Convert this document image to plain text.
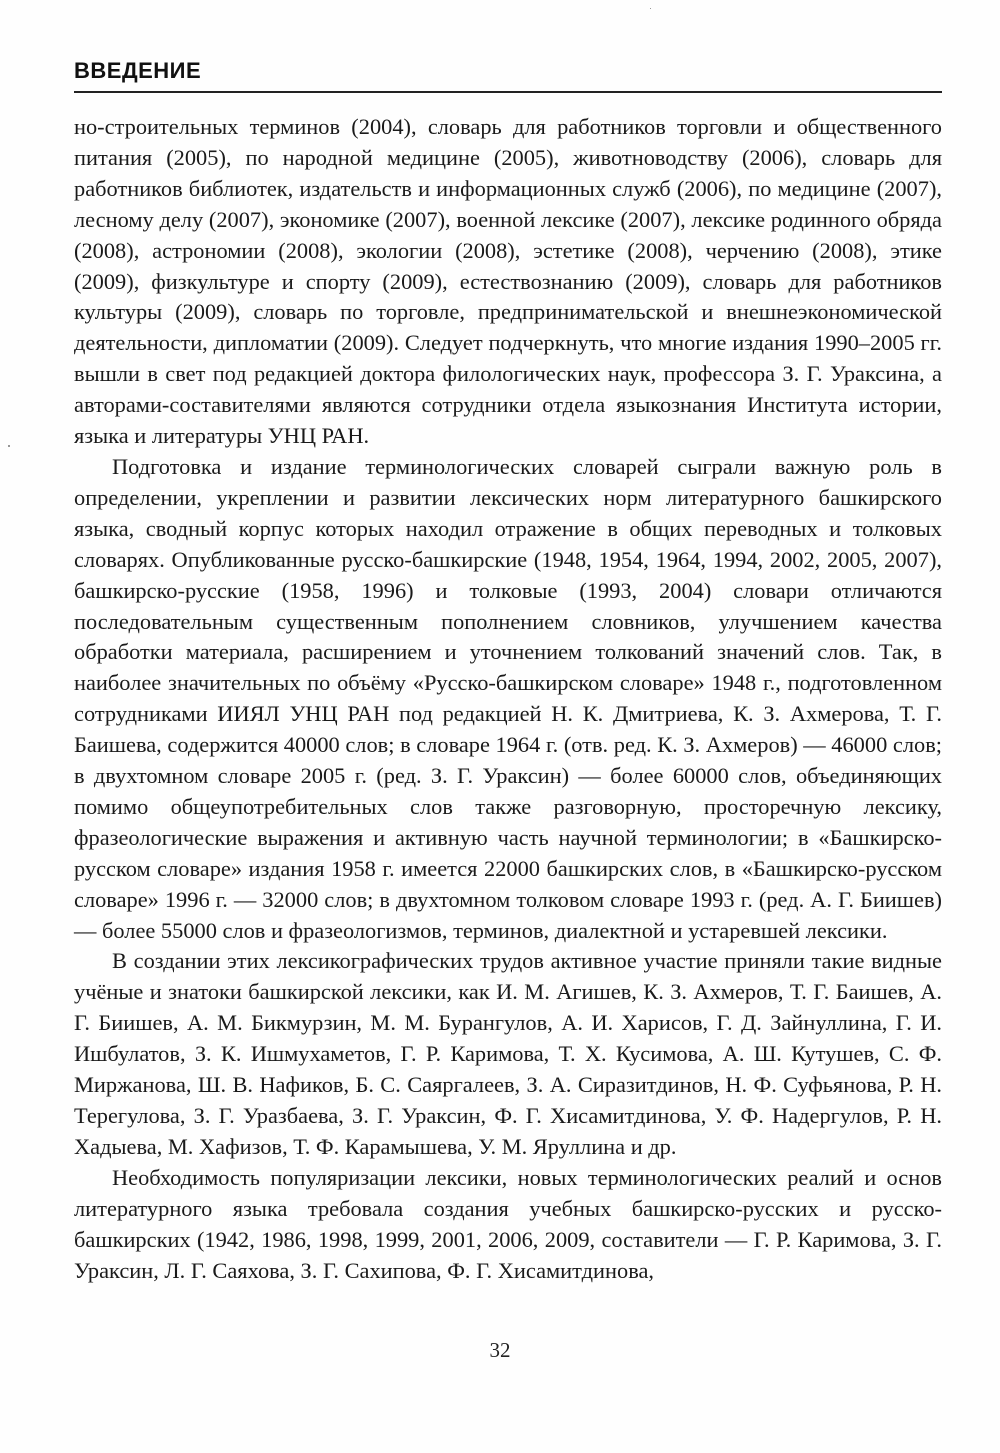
ВВЕДЕНИЕ

но-строительных терминов (2004), словарь для работников торговли и общественного питания (2005), по народной медицине (2005), животноводству (2006), словарь для работников библиотек, издательств и информационных служб (2006), по медицине (2007), лесному делу (2007), экономике (2007), военной лексике (2007), лексике родинного обряда (2008), астрономии (2008), экологии (2008), эстетике (2008), черчению (2008), этике (2009), физкультуре и спорту (2009), естествознанию (2009), словарь для работников культуры (2009), словарь по торговле, предпринимательской и внешнеэкономической деятельности, дипломатии (2009). Следует подчеркнуть, что многие издания 1990–2005 гг. вышли в свет под редакцией доктора филологических наук, профессора З. Г. Ураксина, а авторами-составителями являются сотрудники отдела языкознания Института истории, языка и литературы УНЦ РАН.

Подготовка и издание терминологических словарей сыграли важную роль в определении, укреплении и развитии лексических норм литературного башкирского языка, сводный корпус которых находил отражение в общих переводных и толковых словарях. Опубликованные русско-башкирские (1948, 1954, 1964, 1994, 2002, 2005, 2007), башкирско-русские (1958, 1996) и толковые (1993, 2004) словари отличаются последовательным существенным пополнением словников, улучшением качества обработки материала, расширением и уточнением толкований значений слов. Так, в наиболее значительных по объёму «Русско-башкирском словаре» 1948 г., подготовленном сотрудниками ИИЯЛ УНЦ РАН под редакцией Н. К. Дмитриева, К. З. Ахмерова, Т. Г. Баишева, содержится 40000 слов; в словаре 1964 г. (отв. ред. К. З. Ахмеров) — 46000 слов; в двухтомном словаре 2005 г. (ред. З. Г. Ураксин) — более 60000 слов, объединяющих помимо общеупотребительных слов также разговорную, просторечную лексику, фразеологические выражения и активную часть научной терминологии; в «Башкирско-русском словаре» издания 1958 г. имеется 22000 башкирских слов, в «Башкирско-русском словаре» 1996 г. — 32000 слов; в двухтомном толковом словаре 1993 г. (ред. А. Г. Биишев) — более 55000 слов и фразеологизмов, терминов, диалектной и устаревшей лексики.

В создании этих лексикографических трудов активное участие приняли такие видные учёные и знатоки башкирской лексики, как И. М. Агишев, К. З. Ахмеров, Т. Г. Баишев, А. Г. Биишев, А. М. Бикмурзин, М. М. Бурангулов, А. И. Харисов, Г. Д. Зайнуллина, Г. И. Ишбулатов, З. К. Ишмухаметов, Г. Р. Каримова, Т. Х. Кусимова, А. Ш. Кутушев, С. Ф. Миржанова, Ш. В. Нафиков, Б. С. Саяргалеев, З. А. Сиразитдинов, Н. Ф. Суфьянова, Р. Н. Терегулова, З. Г. Уразбаева, З. Г. Ураксин, Ф. Г. Хисамитдинова, У. Ф. Надергулов, Р. Н. Хадыева, М. Хафизов, Т. Ф. Карамышева, У. М. Яруллина и др.

Необходимость популяризации лексики, новых терминологических реалий и основ литературного языка требовала создания учебных башкирско-русских и русско-башкирских (1942, 1986, 1998, 1999, 2001, 2006, 2009, составители — Г. Р. Каримова, З. Г. Ураксин, Л. Г. Саяхова, З. Г. Сахипова, Ф. Г. Хисамитдинова,

32
